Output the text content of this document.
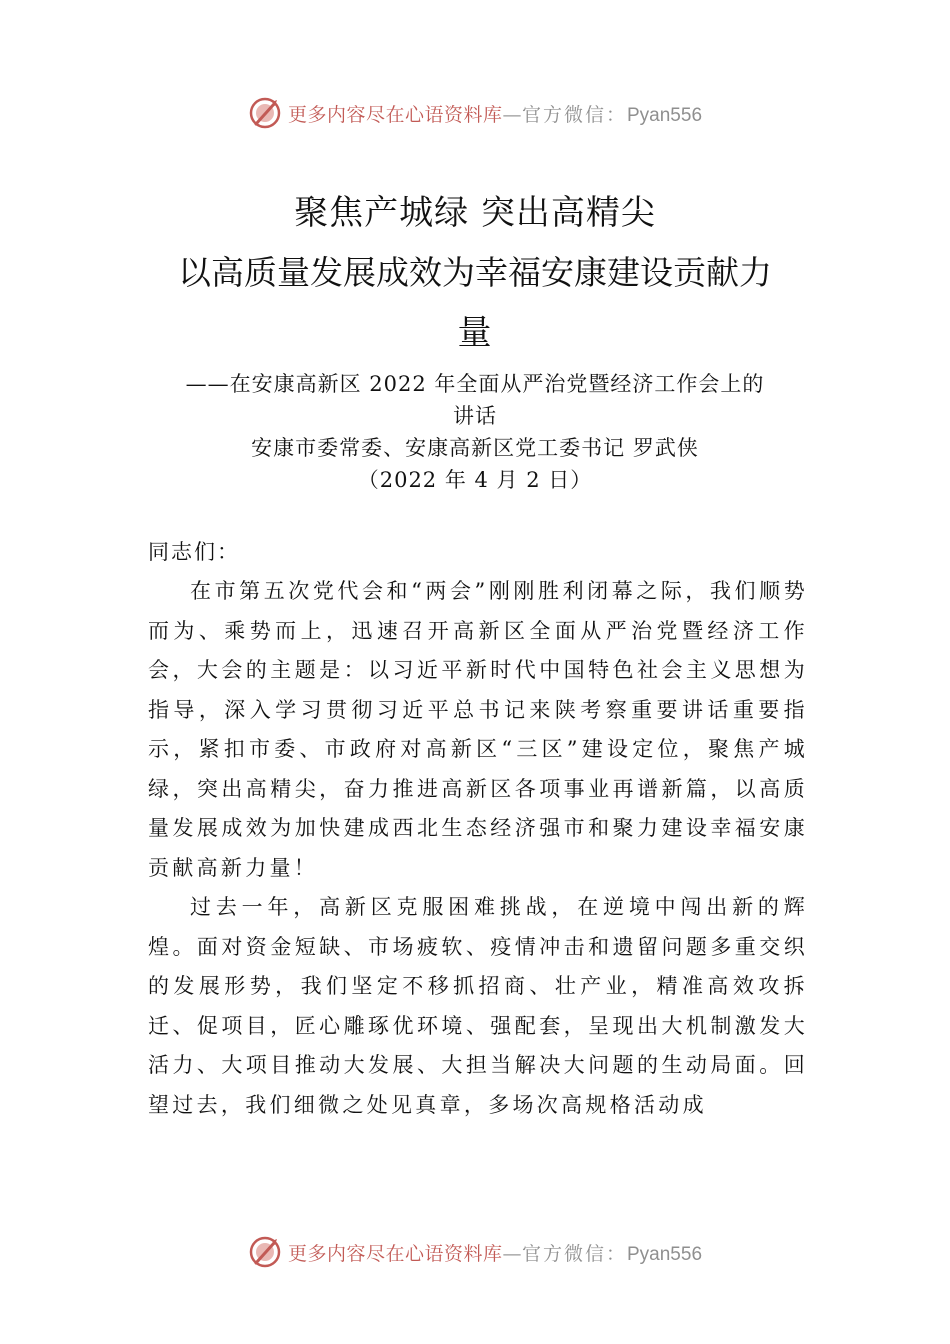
更多内容尽在心语资料库—官方微信：Pyan556
聚焦产城绿 突出高精尖
以高质量发展成效为幸福安康建设贡献力
量
——在安康高新区 2022 年全面从严治党暨经济工作会上的
讲话
安康市委常委、安康高新区党工委书记 罗武侠
（2022 年 4 月 2 日）
同志们：

在市第五次党代会和“两会”刚刚胜利闭幕之际，我们顺势而为、乘势而上，迅速召开高新区全面从严治党暨经济工作会，大会的主题是：以习近平新时代中国特色社会主义思想为指导，深入学习贯彻习近平总书记来陕考察重要讲话重要指示，紧扣市委、市政府对高新区“三区”建设定位，聚焦产城绿，突出高精尖，奋力推进高新区各项事业再谱新篇，以高质量发展成效为加快建成西北生态经济强市和聚力建设幸福安康贡献高新力量！

过去一年，高新区克服困难挑战，在逆境中闯出新的辉煌。面对资金短缺、市场疲软、疫情冲击和遗留问题多重交织的发展形势，我们坚定不移抓招商、壮产业，精准高效攻拆迁、促项目，匠心雕琢优环境、强配套，呈现出大机制激发大活力、大项目推动大发展、大担当解决大问题的生动局面。回望过去，我们细微之处见真章，多场次高规格活动成

更多内容尽在心语资料库—官方微信：Pyan556
